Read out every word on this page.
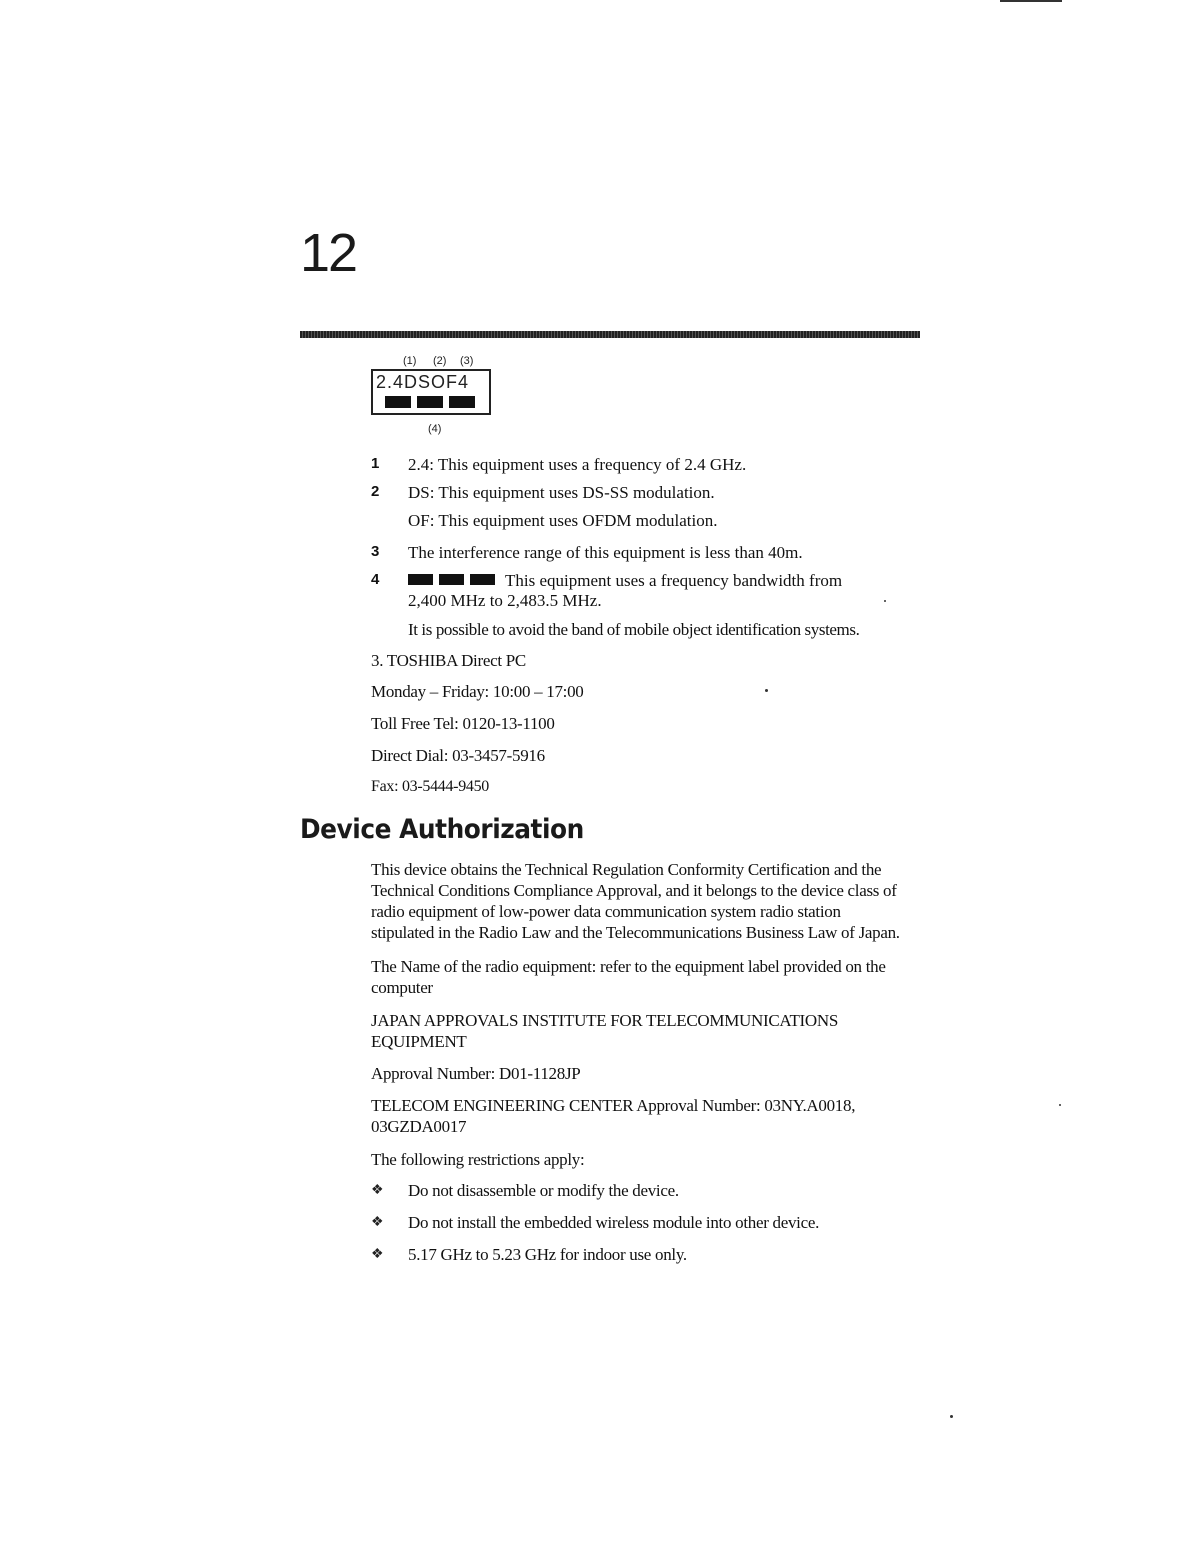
12
(1) (2) (3)
2.4DSOF4
(4)
1 2.4: This equipment uses a frequency of 2.4 GHz.
2 DS: This equipment uses DS-SS modulation.
OF: This equipment uses OFDM modulation.
3 The interference range of this equipment is less than 40m.
4	This equipment uses a frequency bandwidth from
2,400 MHz to 2,483.5 MHz.
It is possible to avoid the band of mobile object identification systems.
3. TOSHIBA Direct PC
Monday – Friday: 10:00 – 17:00
Toll Free Tel: 0120-13-1100
Direct Dial: 03-3457-5916
Fax: 03-5444-9450
Device Authorization
This device obtains the Technical Regulation Conformity Certification and the
Technical Conditions Compliance Approval, and it belongs to the device class of
radio equipment of low-power data communication system radio station
stipulated in the Radio Law and the Telecommunications Business Law of Japan.
The Name of the radio equipment: refer to the equipment label provided on the
computer
JAPAN APPROVALS INSTITUTE FOR TELECOMMUNICATIONS
EQUIPMENT
Approval Number: D01-1128JP
TELECOM ENGINEERING CENTER Approval Number: 03NY.A0018,
03GZDA0017
The following restrictions apply:
❖ Do not disassemble or modify the device.
❖ Do not install the embedded wireless module into other device.
❖ 5.17 GHz to 5.23 GHz for indoor use only.
